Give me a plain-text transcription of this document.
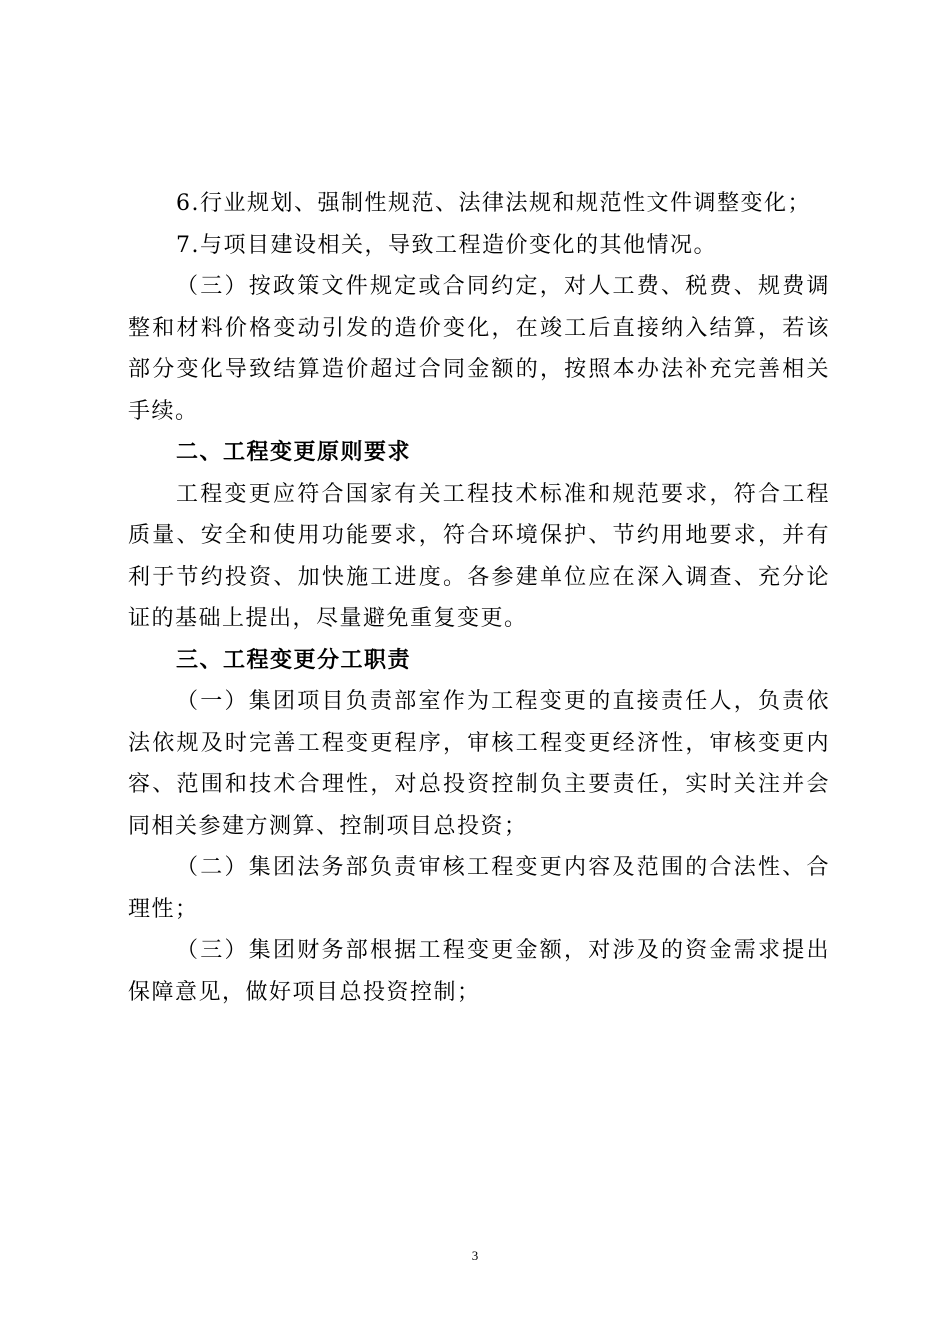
6.行业规划、强制性规范、法律法规和规范性文件调整变化；

7.与项目建设相关，导致工程造价变化的其他情况。

（三）按政策文件规定或合同约定，对人工费、税费、规费调整和材料价格变动引发的造价变化，在竣工后直接纳入结算，若该部分变化导致结算造价超过合同金额的，按照本办法补充完善相关手续。

二、工程变更原则要求

工程变更应符合国家有关工程技术标准和规范要求，符合工程质量、安全和使用功能要求，符合环境保护、节约用地要求，并有利于节约投资、加快施工进度。各参建单位应在深入调查、充分论证的基础上提出，尽量避免重复变更。

三、工程变更分工职责

（一）集团项目负责部室作为工程变更的直接责任人，负责依法依规及时完善工程变更程序，审核工程变更经济性，审核变更内容、范围和技术合理性，对总投资控制负主要责任，实时关注并会同相关参建方测算、控制项目总投资；

（二）集团法务部负责审核工程变更内容及范围的合法性、合理性；

（三）集团财务部根据工程变更金额，对涉及的资金需求提出保障意见，做好项目总投资控制；

3
